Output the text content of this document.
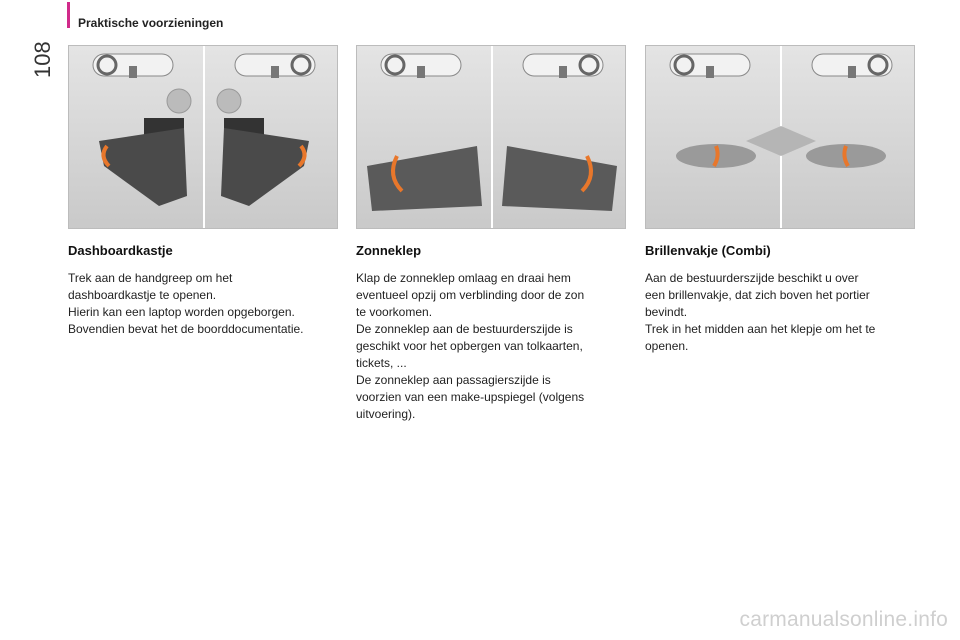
Praktische voorzieningen
108
Dashboardkastje

Trek aan de handgreep om het

dashboardkastje te openen.

Hierin kan een laptop worden opgeborgen.

Bovendien bevat het de boorddocumentatie.

Zonneklep

Klap de zonneklep omlaag en draai hem

eventueel opzij om verblinding door de zon

te voorkomen.

De zonneklep aan de bestuurderszijde is

geschikt voor het opbergen van tolkaarten,

tickets, ...

De zonneklep aan passagierszijde is

voorzien van een make-upspiegel (volgens

uitvoering).

Brillenvakje (Combi)

Aan de bestuurderszijde beschikt u over

een brillenvakje, dat zich boven het portier

bevindt.

Trek in het midden aan het klepje om het te

openen.

carmanualsonline.info
